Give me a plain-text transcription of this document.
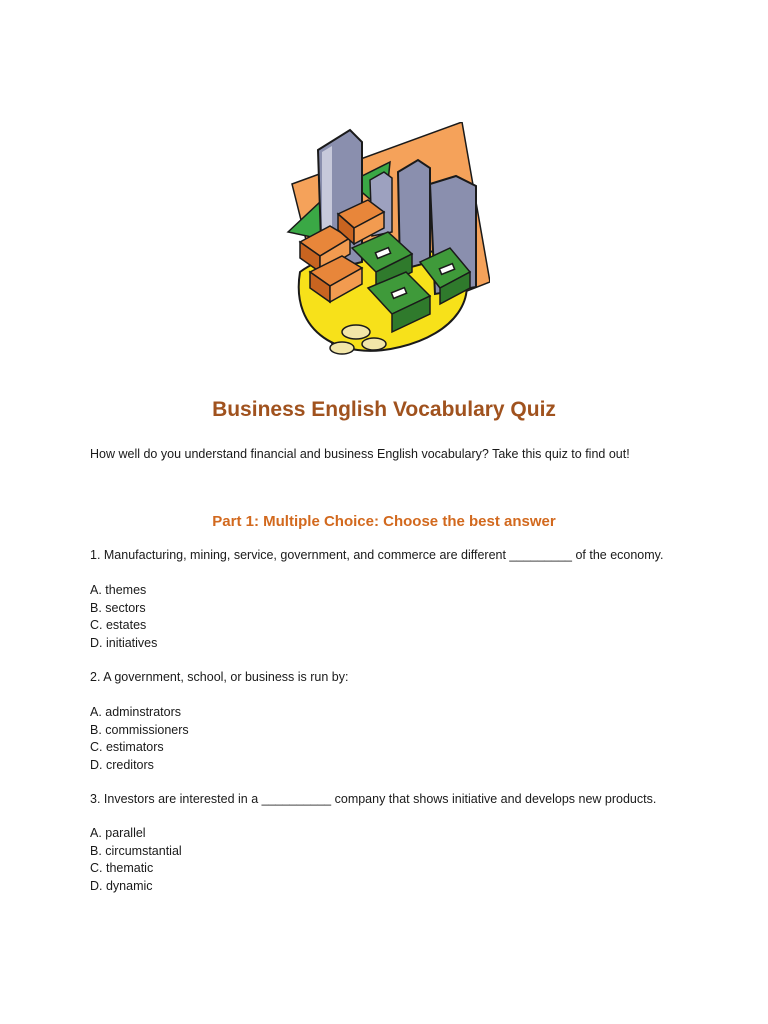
Business English Vocabulary Quiz
How well do you understand financial and business English vocabulary? Take this quiz to find out!
Part 1: Multiple Choice: Choose the best answer
1. Manufacturing, mining, service, government, and commerce are different _________ of the economy.
A. themes
B. sectors
C. estates
D. initiatives
2. A government, school, or business is run by:
A. adminstrators
B. commissioners
C. estimators
D. creditors
3. Investors are interested in a __________ company that shows initiative and develops new products.
A. parallel
B. circumstantial
C. thematic
D. dynamic
